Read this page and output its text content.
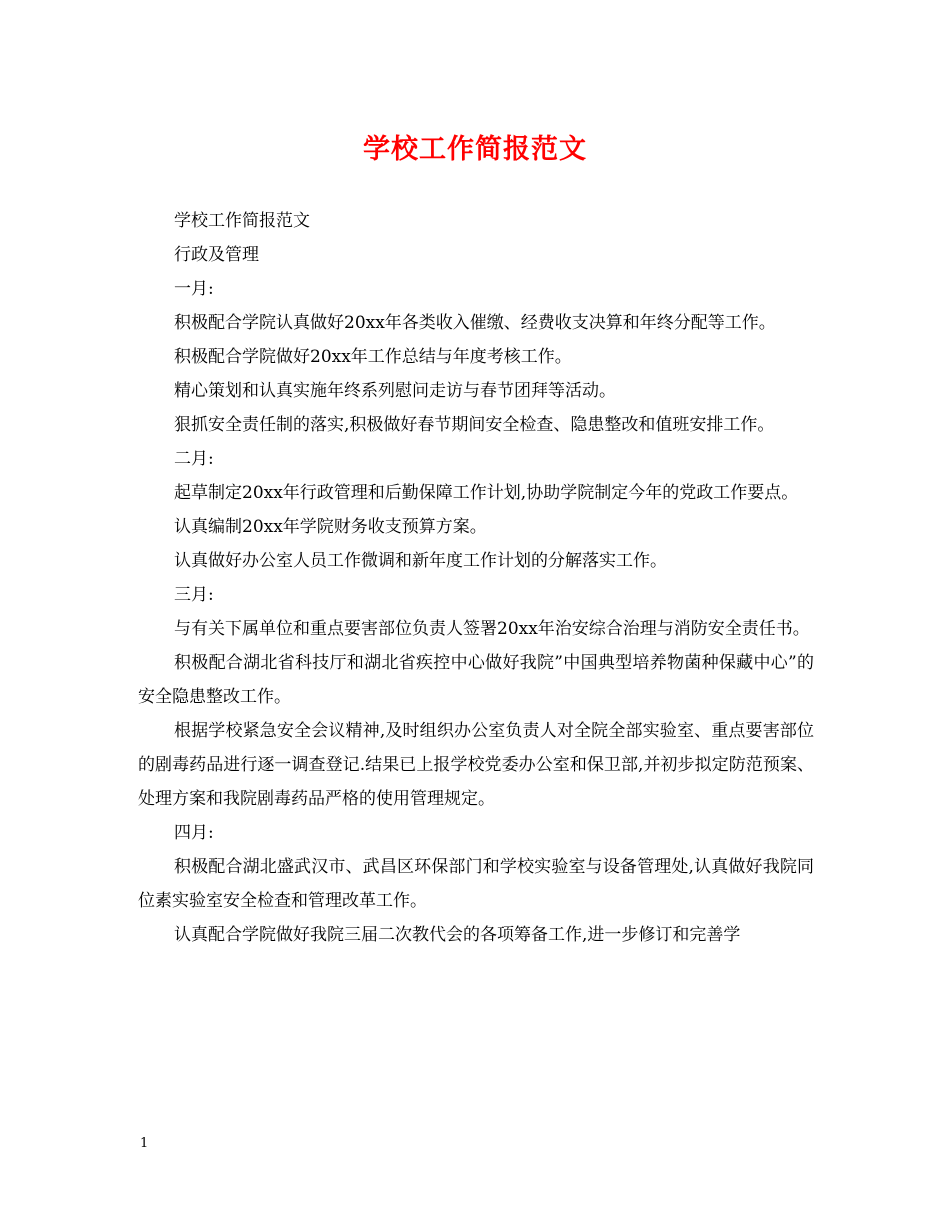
学校工作简报范文

学校工作简报范文

行政及管理

一月:

积极配合学院认真做好20xx年各类收入催缴、经费收支决算和年终分配等工作。

积极配合学院做好20xx年工作总结与年度考核工作。

精心策划和认真实施年终系列慰问走访与春节团拜等活动。

狠抓安全责任制的落实,积极做好春节期间安全检查、隐患整改和值班安排工作。

二月:

起草制定20xx年行政管理和后勤保障工作计划,协助学院制定今年的党政工作要点。

认真编制20xx年学院财务收支预算方案。

认真做好办公室人员工作微调和新年度工作计划的分解落实工作。

三月:

与有关下属单位和重点要害部位负责人签署20xx年治安综合治理与消防安全责任书。

积极配合湖北省科技厅和湖北省疾控中心做好我院”中国典型培养物菌种保藏中心”的安全隐患整改工作。

根据学校紧急安全会议精神,及时组织办公室负责人对全院全部实验室、重点要害部位的剧毒药品进行逐一调查登记.结果已上报学校党委办公室和保卫部,并初步拟定防范预案、处理方案和我院剧毒药品严格的使用管理规定。

四月:

积极配合湖北盛武汉市、武昌区环保部门和学校实验室与设备管理处,认真做好我院同位素实验室安全检查和管理改革工作。

认真配合学院做好我院三届二次教代会的各项筹备工作,进一步修订和完善学

1
